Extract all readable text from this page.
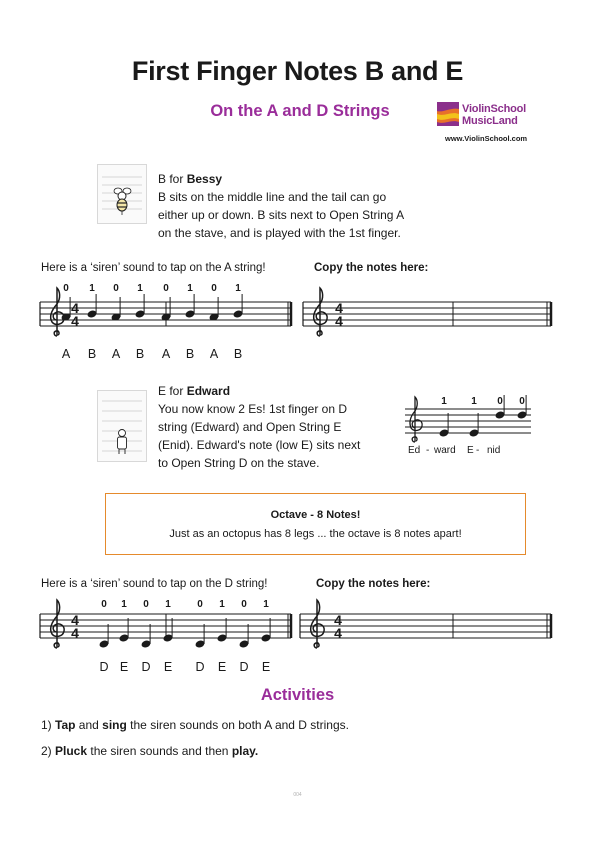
First Finger Notes B and E
On the A and D Strings	ViolinSchool
MusicLand
www.ViolinSchool.com
B for Bessy
B sits on the middle line and the tail can go
either up or down. B sits next to Open String A
on the stave, and is played with the 1st finger.
Here is a ‘siren’ sound to tap on the A string!	Copy the notes here:
4
4
0 1 0 1 0 1 0 1
A	B	A	B	A	B	A	B
4
4
E for Edward
You now know 2 Es! 1st finger on D
string (Edward) and Open String E
(Enid). Edward's note (low E) sits next
to Open String D on the stave.
1 1 0 0
Ed - ward E - nid
Octave - 8 Notes!
Just as an octopus has 8 legs ... the octave is 8 notes apart!
Here is a ‘siren’ sound to tap on the D string!	Copy the notes here:
4
4
0 1 0 1	0 1 0 1
D E	D	E	D	E	D	E
4
4
Activities
1) Tap and sing the siren sounds on both A and D strings.
2) Pluck the siren sounds and then play.
004
